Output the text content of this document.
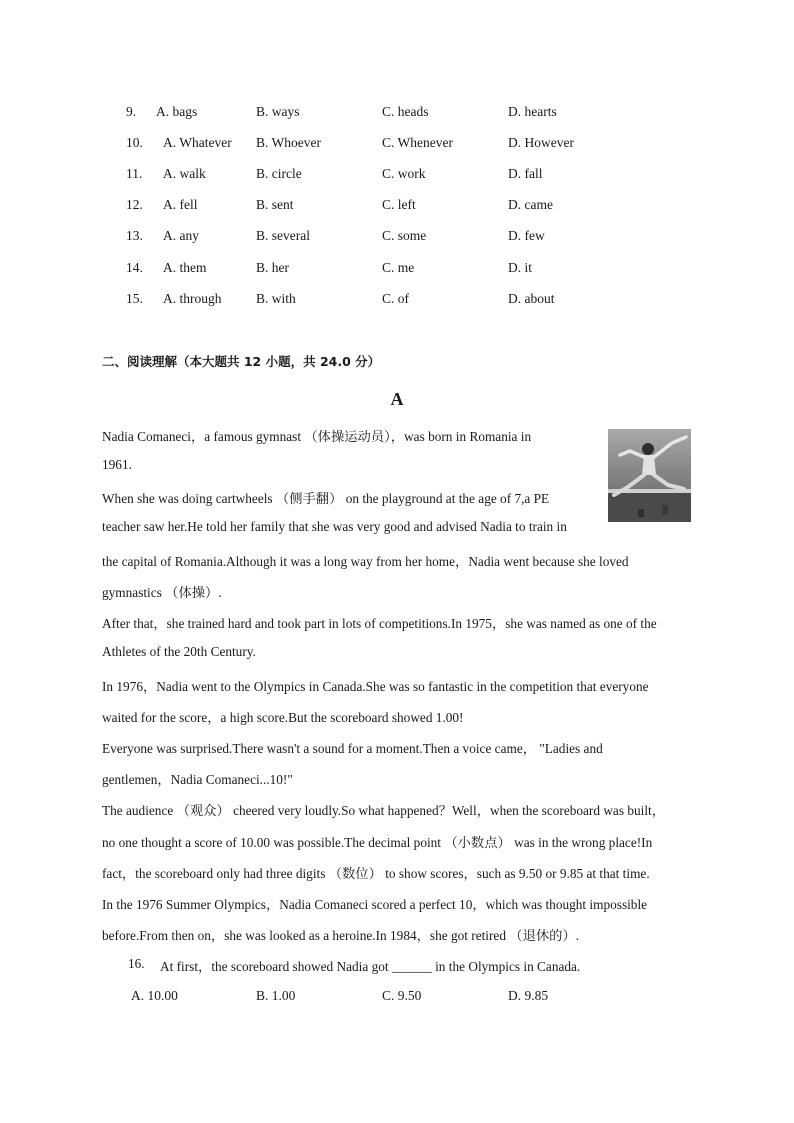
9. A. bags	B. ways	C. heads	D. hearts
10. A. Whatever B. Whoever	C. Whenever	D. However
11. A. walk	B. circle	C. work	D. fall
12. A. fell	B. sent	C. left	D. came
13. A. any	B. several	C. some	D. few
14. A. them	B. her	C. me	D. it
15. A. through	B. with	C. of	D. about
二、阅读理解（本大题共 12 小题，共 24.0 分）
A
Nadia Comaneci，a famous gymnast （体操运动员），was born in Romania in
1961.
When she was doing cartwheels （侧手翻） on the playground at the age of 7,a PE
teacher saw her.He told her family that she was very good and advised Nadia to train in
the capital of Romania.Although it was a long way from her home，Nadia went because she loved
gymnastics （体操）.
After that，she trained hard and took part in lots of competitions.In 1975，she was named as one of the
Athletes of the 20th Century.
In 1976，Nadia went to the Olympics in Canada.She was so fantastic in the competition that everyone
waited for the score，a high score.But the scoreboard showed 1.00!
Everyone was surprised.There wasn't a sound for a moment.Then a voice came， "Ladies and
gentlemen，Nadia Comaneci...10!"
The audience （观众） cheered very loudly.So what happened？Well，when the scoreboard was built，
no one thought a score of 10.00 was possible.The decimal point （小数点） was in the wrong place!In
fact，the scoreboard only had three digits （数位） to show scores，such as 9.50 or 9.85 at that time.
In the 1976 Summer Olympics，Nadia Comaneci scored a perfect 10，which was thought impossible
before.From then on，she was looked as a heroine.In 1984，she got retired （退休的）.
16. At first，the scoreboard showed Nadia got ______ in the Olympics in Canada.
A. 10.00	B. 1.00	C. 9.50	D. 9.85
